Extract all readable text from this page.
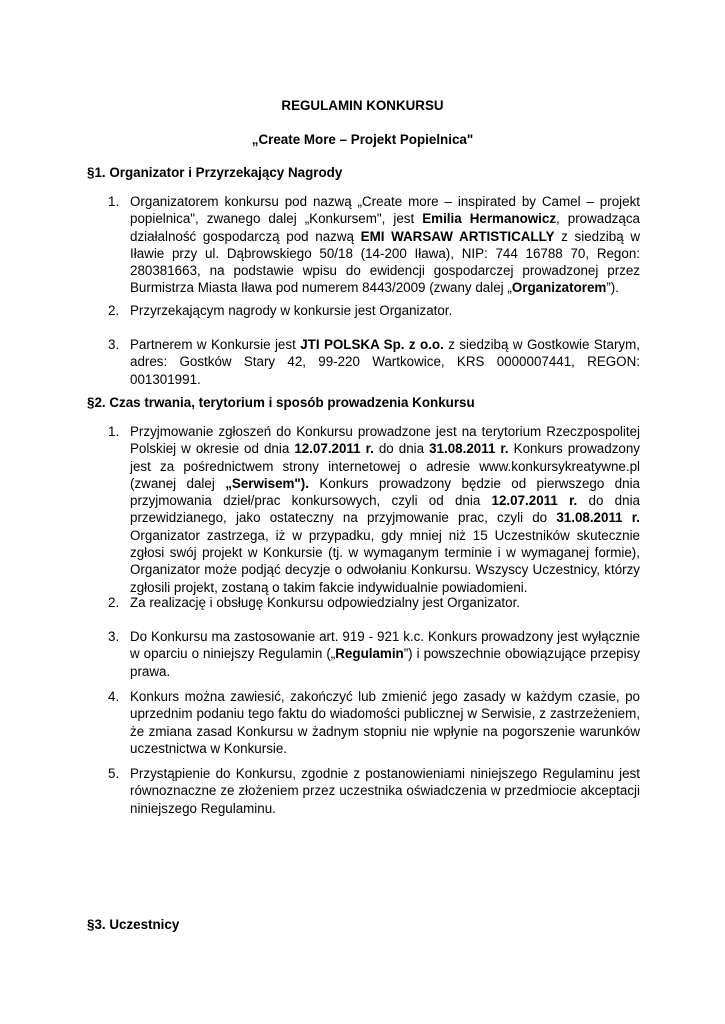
REGULAMIN KONKURSU
„Create More – Projekt Popielnica"
§1. Organizator i Przyrzekający Nagrody
1. Organizatorem konkursu pod nazwą „Create more – inspirated by Camel – projekt popielnica", zwanego dalej „Konkursem", jest Emilia Hermanowicz, prowadząca działalność gospodarczą pod nazwą EMI WARSAW ARTISTICALLY z siedzibą w Iławie przy ul. Dąbrowskiego 50/18 (14-200 Iława), NIP: 744 16788 70, Regon: 280381663, na podstawie wpisu do ewidencji gospodarczej prowadzonej przez Burmistrza Miasta Iława pod numerem 8443/2009 (zwany dalej „Organizatorem”).
2. Przyrzekającym nagrody w konkursie jest Organizator.
3. Partnerem w Konkursie jest JTI POLSKA Sp. z o.o. z siedzibą w Gostkowie Starym, adres: Gostków Stary 42, 99-220 Wartkowice, KRS 0000007441, REGON: 001301991.
§2. Czas trwania, terytorium i sposób prowadzenia Konkursu
1. Przyjmowanie zgłoszeń do Konkursu prowadzone jest na terytorium Rzeczpospolitej Polskiej w okresie od dnia 12.07.2011 r. do dnia 31.08.2011 r. Konkurs prowadzony jest za pośrednictwem strony internetowej o adresie www.konkursykreatywne.pl (zwanej dalej „Serwisem"). Konkurs prowadzony będzie od pierwszego dnia przyjmowania dzieł/prac konkursowych, czyli od dnia 12.07.2011 r. do dnia przewidzianego, jako ostateczny na przyjmowanie prac, czyli do 31.08.2011 r. Organizator zastrzega, iż w przypadku, gdy mniej niż 15 Uczestników skutecznie zgłosi swój projekt w Konkursie (tj. w wymaganym terminie i w wymaganej formie), Organizator może podjąć decyzje o odwołaniu Konkursu. Wszyscy Uczestnicy, którzy zgłosili projekt, zostaną o takim fakcie indywidualnie powiadomieni.
2. Za realizację i obsługę Konkursu odpowiedzialny jest Organizator.
3. Do Konkursu ma zastosowanie art. 919 - 921 k.c. Konkurs prowadzony jest wyłącznie w oparciu o niniejszy Regulamin („Regulamin”) i powszechnie obowiązujące przepisy prawa.
4. Konkurs można zawiesić, zakończyć lub zmienić jego zasady w każdym czasie, po uprzednim podaniu tego faktu do wiadomości publicznej w Serwisie, z zastrzeżeniem, że zmiana zasad Konkursu w żadnym stopniu nie wpłynie na pogorszenie warunków uczestnictwa w Konkursie.
5. Przystąpienie do Konkursu, zgodnie z postanowieniami niniejszego Regulaminu jest równoznaczne ze złożeniem przez uczestnika oświadczenia w przedmiocie akceptacji niniejszego Regulaminu.
§3. Uczestnicy
